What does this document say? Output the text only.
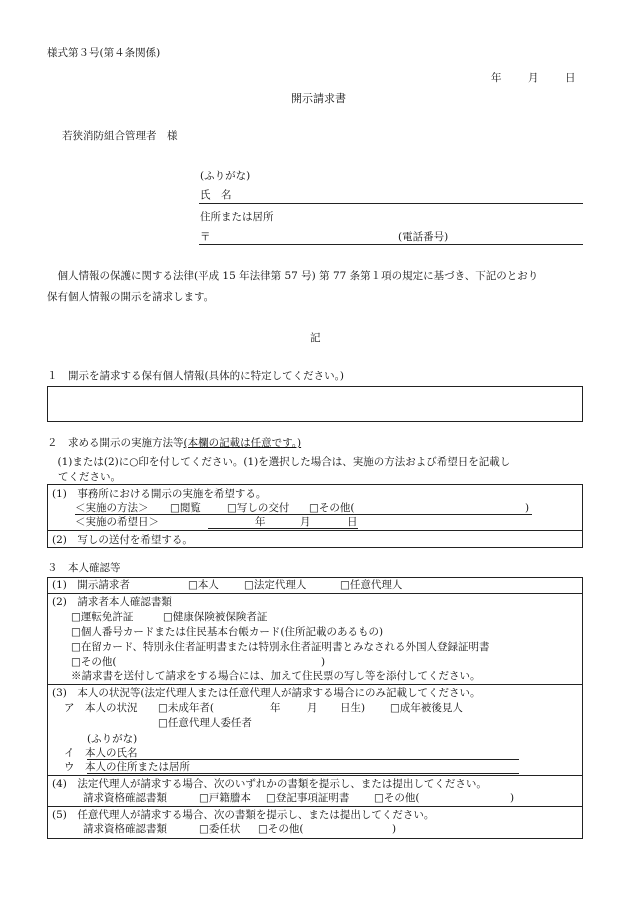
様式第３号(第４条関係)
年	月	日
開示請求書
若狭消防組合管理者　様
(ふりがな)
氏　名
住所または居所
〒	(電話番号)
　個人情報の保護に関する法律(平成 15 年法律第 57 号) 第 77 条第１項の規定に基づき、下記のとおり
保有個人情報の開示を請求します。
記
１　開示を請求する保有個人情報(具体的に特定してください。)
２　求める開示の実施方法等(本欄の記載は任意です。)
　(1)または(2)に○印を付してください。(1)を選択した場合は、実施の方法および希望日を記載し
てください。
(1)　事務所における開示の実施を希望する。
＜実施の方法＞ □閲覧 □写しの交付 □その他(	)
＜実施の希望日＞	年	月	日
(2)　写しの送付を希望する。
３　本人確認等
(1)　開示請求者	□本人 □法定代理人	□任意代理人
(2)　請求者本人確認書類
□運転免許証	□健康保険被保険者証
□個人番号カードまたは住民基本台帳カード(住所記載のあるもの)
□在留カード、特別永住者証明書または特別永住者証明書とみなされる外国人登録証明書
□その他(	)
※請求書を送付して請求をする場合には、加えて住民票の写し等を添付してください。
(3)　本人の状況等(法定代理人または任意代理人が請求する場合にのみ記載してください。
ア　本人の状況 □未成年者(	年	月 日生) □成年被後見人
□任意代理人委任者
(ふりがな)
イ　本人の氏名
ウ　本人の住所または居所
(4)　法定代理人が請求する場合、次のいずれかの書類を提示し、または提出してください。
請求資格確認書類	□戸籍謄本 □登記事項証明書 □その他(	)
(5)　任意代理人が請求する場合、次の書類を提示し、または提出してください。
請求資格確認書類	□委任状 □その他(	)
